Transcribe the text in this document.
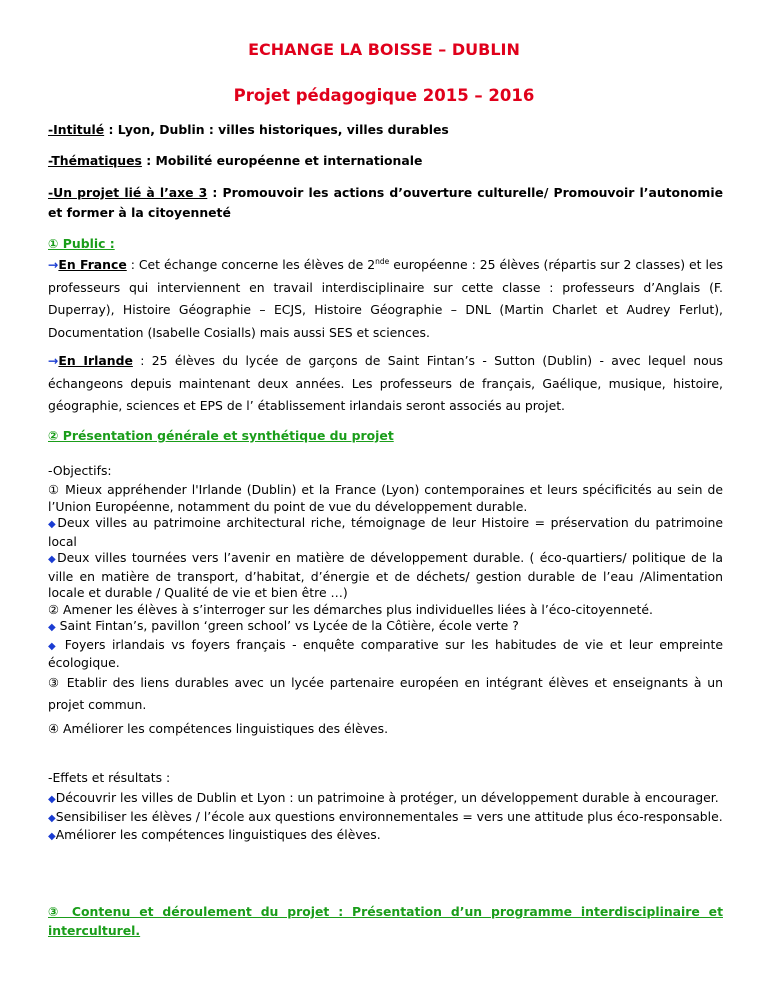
ECHANGE LA BOISSE – DUBLIN
Projet pédagogique 2015 – 2016
-Intitulé : Lyon, Dublin : villes historiques, villes durables
-Thématiques : Mobilité européenne et internationale
-Un projet lié à l’axe 3 : Promouvoir les actions d’ouverture culturelle/ Promouvoir l’autonomie et former à la citoyenneté
① Public :
→En France : Cet échange concerne les élèves de 2nde européenne : 25 élèves (répartis sur 2 classes) et les professeurs qui interviennent en travail interdisciplinaire sur cette classe : professeurs d’Anglais (F. Duperray), Histoire Géographie – ECJS, Histoire Géographie – DNL (Martin Charlet et Audrey Ferlut), Documentation (Isabelle Cosialls) mais aussi SES et sciences.
→En Irlande : 25 élèves du lycée de garçons de Saint Fintan’s - Sutton (Dublin) - avec lequel nous échangeons depuis maintenant deux années. Les professeurs de français, Gaélique, musique, histoire, géographie, sciences et EPS de l’ établissement irlandais seront associés au projet.
② Présentation générale et synthétique du projet
-Objectifs:
① Mieux appréhender l'Irlande (Dublin) et la France (Lyon) contemporaines et leurs spécificités au sein de l’Union Européenne, notamment du point de vue du développement durable.
◆Deux villes au patrimoine architectural riche, témoignage de leur Histoire = préservation du patrimoine local
◆Deux villes tournées vers l’avenir en matière de développement durable. ( éco-quartiers/ politique de la ville en matière de transport, d’habitat, d’énergie et de déchets/ gestion durable de l’eau /Alimentation locale et durable / Qualité de vie et bien être …)
② Amener les élèves à s’interroger sur les démarches plus individuelles liées à l’éco-citoyenneté.
◆ Saint Fintan’s, pavillon ‘green school’ vs Lycée de la Côtière, école verte ?
◆ Foyers irlandais vs foyers français - enquête comparative sur les habitudes de vie et leur empreinte écologique.
③ Etablir des liens durables avec un lycée partenaire européen en intégrant élèves et enseignants à un projet commun.
④ Améliorer les compétences linguistiques des élèves.
-Effets et résultats :
◆Découvrir les villes de Dublin et Lyon : un patrimoine à protéger, un développement durable à encourager.
◆Sensibiliser les élèves / l’école aux questions environnementales = vers une attitude plus éco-responsable.
◆Améliorer les compétences linguistiques des élèves.
③ Contenu et déroulement du projet : Présentation d’un programme interdisciplinaire et interculturel.
